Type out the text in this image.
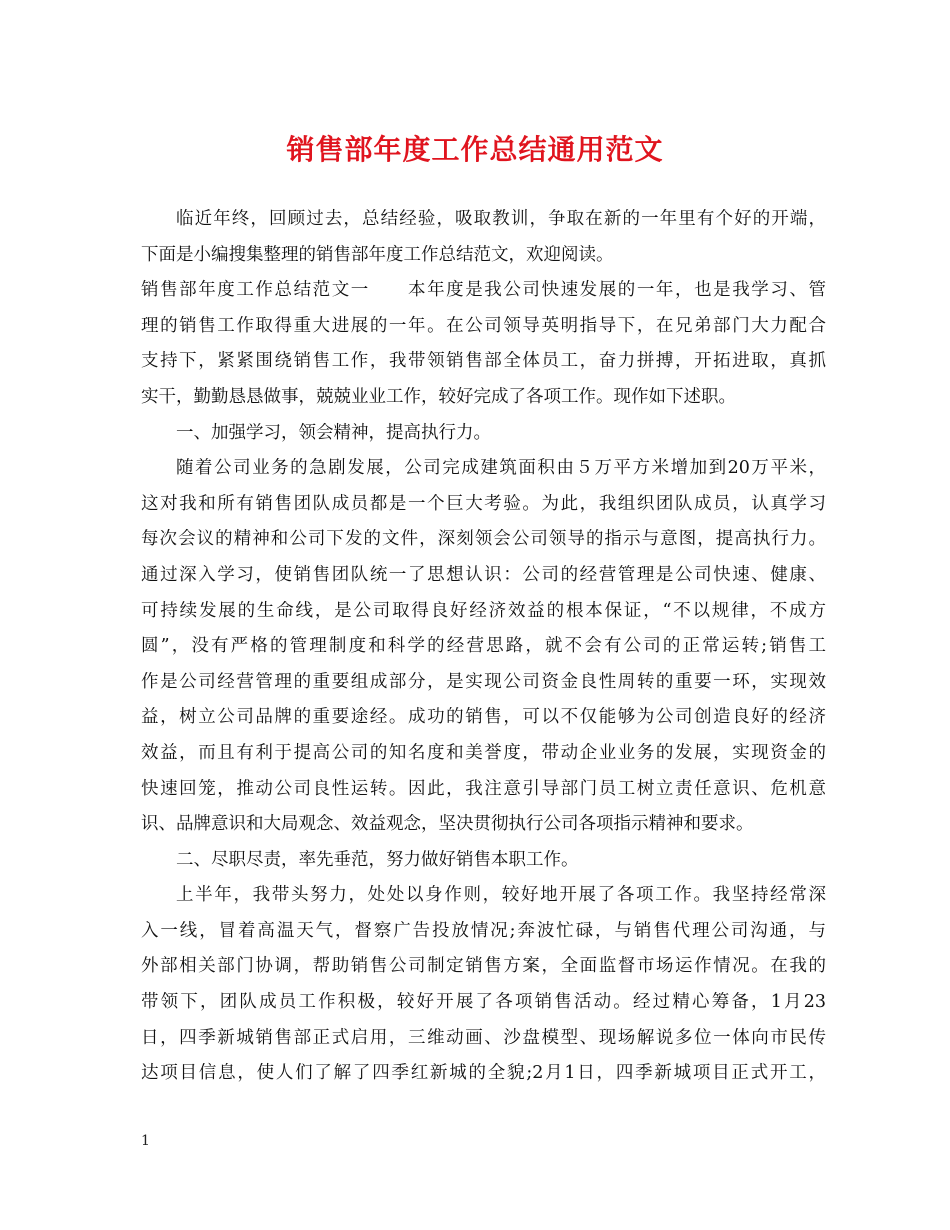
销售部年度工作总结通用范文
临近年终，回顾过去，总结经验，吸取教训，争取在新的一年里有个好的开端，
下面是小编搜集整理的销售部年度工作总结范文，欢迎阅读。
销售部年度工作总结范文一　　本年度是我公司快速发展的一年，也是我学习、管
理的销售工作取得重大进展的一年。在公司领导英明指导下，在兄弟部门大力配合
支持下，紧紧围绕销售工作，我带领销售部全体员工，奋力拼搏，开拓进取，真抓
实干，勤勤恳恳做事，兢兢业业工作，较好完成了各项工作。现作如下述职。
一、加强学习，领会精神，提高执行力。
随着公司业务的急剧发展，公司完成建筑面积由５万平方米增加到20万平米，
这对我和所有销售团队成员都是一个巨大考验。为此，我组织团队成员，认真学习
每次会议的精神和公司下发的文件，深刻领会公司领导的指示与意图，提高执行力。
通过深入学习，使销售团队统一了思想认识：公司的经营管理是公司快速、健康、
可持续发展的生命线，是公司取得良好经济效益的根本保证，“不以规律，不成方
圆”，没有严格的管理制度和科学的经营思路，就不会有公司的正常运转;销售工
作是公司经营管理的重要组成部分，是实现公司资金良性周转的重要一环，实现效
益，树立公司品牌的重要途经。成功的销售，可以不仅能够为公司创造良好的经济
效益，而且有利于提高公司的知名度和美誉度，带动企业业务的发展，实现资金的
快速回笼，推动公司良性运转。因此，我注意引导部门员工树立责任意识、危机意
识、品牌意识和大局观念、效益观念，坚决贯彻执行公司各项指示精神和要求。
二、尽职尽责，率先垂范，努力做好销售本职工作。
上半年，我带头努力，处处以身作则，较好地开展了各项工作。我坚持经常深
入一线，冒着高温天气，督察广告投放情况;奔波忙碌，与销售代理公司沟通，与
外部相关部门协调，帮助销售公司制定销售方案，全面监督市场运作情况。在我的
带领下，团队成员工作积极，较好开展了各项销售活动。经过精心筹备，1月23
日，四季新城销售部正式启用，三维动画、沙盘模型、现场解说多位一体向市民传
达项目信息，使人们了解了四季红新城的全貌;2月1日，四季新城项目正式开工，
1
